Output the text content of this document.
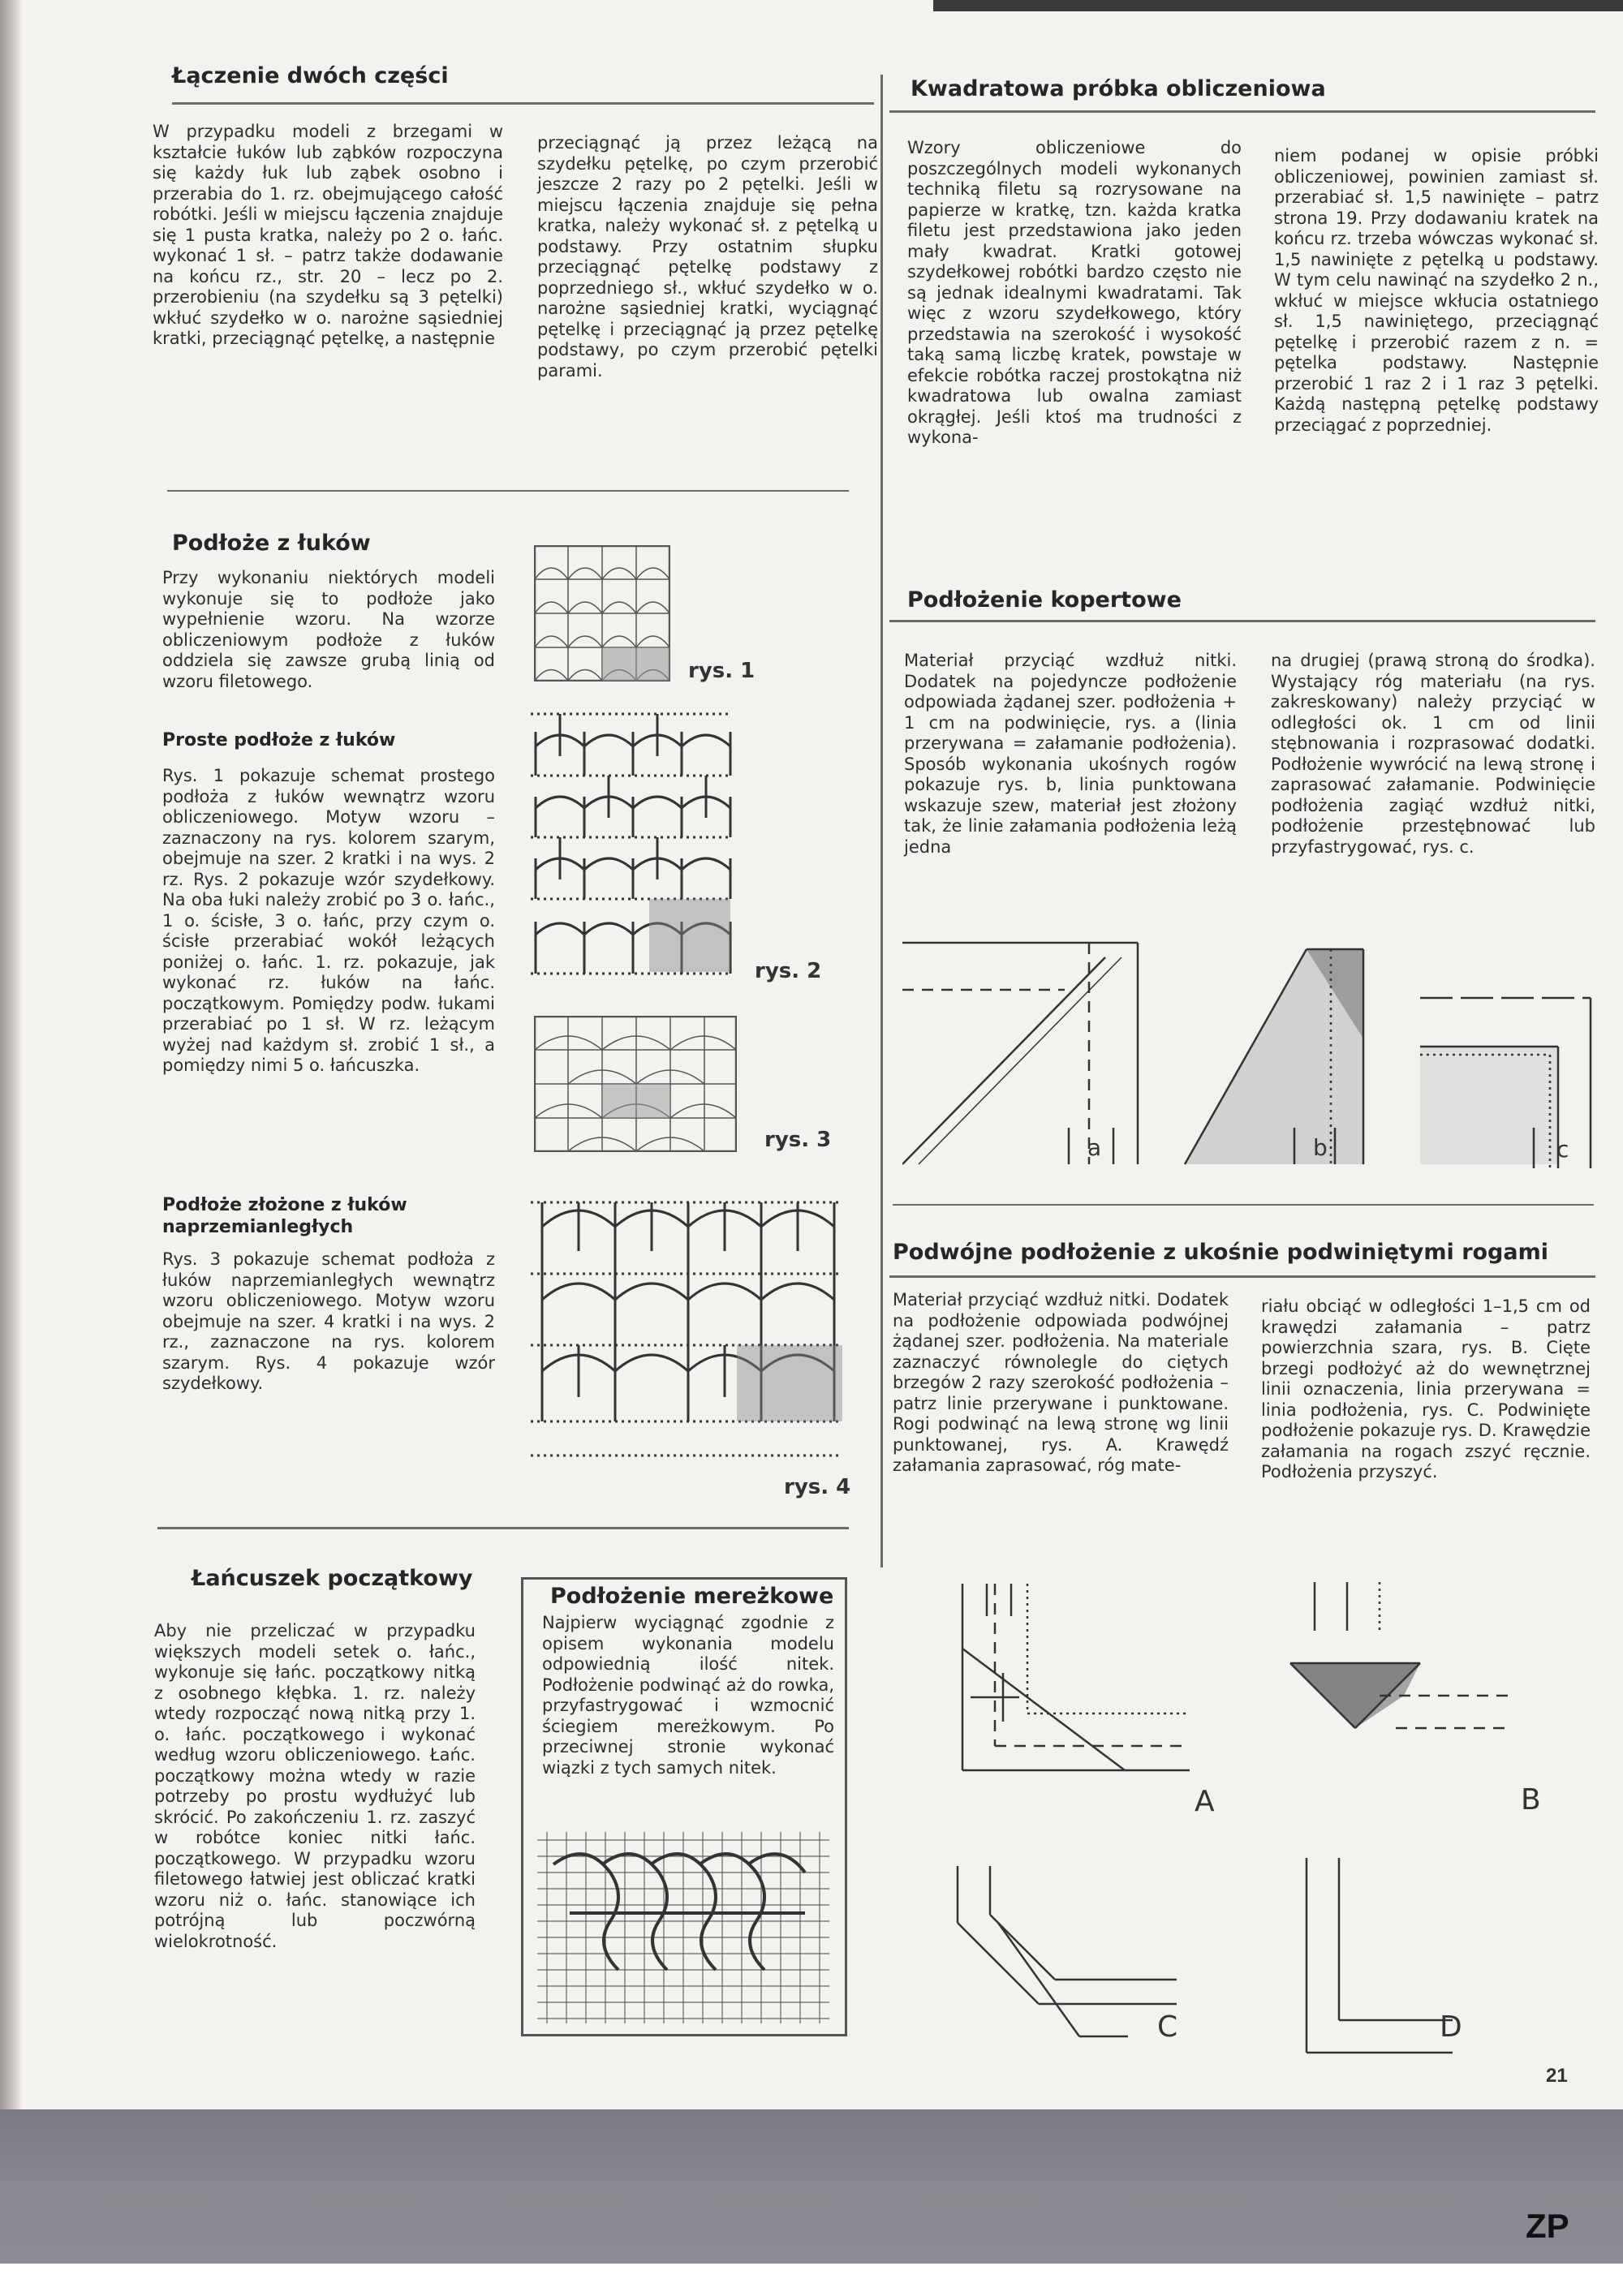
Łączenie dwóch części
W przypadku modeli z brzegami w kształcie łuków lub ząbków rozpoczyna się każdy łuk lub ząbek osobno i przerabia do 1. rz. obejmującego całość robótki. Jeśli w miejscu łączenia znajduje się 1 pusta kratka, należy po 2 o. łańc. wykonać 1 sł. – patrz także dodawanie na końcu rz., str. 20 – lecz po 2. przerobieniu (na szydełku są 3 pętelki) wkłuć szydełko w o. narożne sąsiedniej kratki, przeciągnąć pętelkę, a następnie
przeciągnąć ją przez leżącą na szydełku pętelkę, po czym przerobić jeszcze 2 razy po 2 pętelki. Jeśli w miejscu łączenia znajduje się pełna kratka, należy wykonać sł. z pętelką u podstawy. Przy ostatnim słupku przeciągnąć pętelkę podstawy z poprzedniego sł., wkłuć szydełko w o. narożne sąsiedniej kratki, wyciągnąć pętelkę i przeciągnąć ją przez pętelkę podstawy, po czym przerobić pętelki parami.
Podłoże z łuków
Przy wykonaniu niektórych modeli wykonuje się to podłoże jako wypełnienie wzoru. Na wzorze obliczeniowym podłoże z łuków oddziela się zawsze grubą linią od wzoru filetowego.
Proste podłoże z łuków
Rys. 1 pokazuje schemat prostego podłoża z łuków wewnątrz wzoru obliczeniowego. Motyw wzoru – zaznaczony na rys. kolorem szarym, obejmuje na szer. 2 kratki i na wys. 2 rz. Rys. 2 pokazuje wzór szydełkowy. Na oba łuki należy zrobić po 3 o. łańc., 1 o. ścisłe, 3 o. łańc, przy czym o. ścisłe przerabiać wokół leżących poniżej o. łańc. 1. rz. pokazuje, jak wykonać rz. łuków na łańc. początkowym. Pomiędzy podw. łukami przerabiać po 1 sł. W rz. leżącym wyżej nad każdym sł. zrobić 1 sł., a pomiędzy nimi 5 o. łańcuszka.
Podłoże złożone z łuków naprzemianległych
Rys. 3 pokazuje schemat podłoża z łuków naprzemianległych wewnątrz wzoru obliczeniowego. Motyw wzoru obejmuje na szer. 4 kratki i na wys. 2 rz., zaznaczone na rys. kolorem szarym. Rys. 4 pokazuje wzór szydełkowy.
rys. 1
rys. 2
rys. 3
rys. 4
Łańcuszek początkowy
Aby nie przeliczać w przypadku większych modeli setek o. łańc., wykonuje się łańc. początkowy nitką z osobnego kłębka. 1. rz. należy wtedy rozpocząć nową nitką przy 1. o. łańc. początkowego i wykonać według wzoru obliczeniowego. Łańc. początkowy można wtedy w razie potrzeby po prostu wydłużyć lub skrócić. Po zakończeniu 1. rz. zaszyć w robótce koniec nitki łańc. początkowego. W przypadku wzoru filetowego łatwiej jest obliczać kratki wzoru niż o. łańc. stanowiące ich potrójną lub poczwórną wielokrotność.
Podłożenie mereżkowe
Najpierw wyciągnąć zgodnie z opisem wykonania modelu odpowiednią ilość nitek. Podłożenie podwinąć aż do rowka, przyfastrygować i wzmocnić ściegiem mereżkowym. Po przeciwnej stronie wykonać wiązki z tych samych nitek.
Kwadratowa próbka obliczeniowa
Wzory obliczeniowe do poszczególnych modeli wykonanych techniką filetu są rozrysowane na papierze w kratkę, tzn. każda kratka filetu jest przedstawiona jako jeden mały kwadrat. Kratki gotowej szydełkowej robótki bardzo często nie są jednak idealnymi kwadratami. Tak więc z wzoru szydełkowego, który przedstawia na szerokość i wysokość taką samą liczbę kratek, powstaje w efekcie robótka raczej prostokątna niż kwadratowa lub owalna zamiast okrągłej. Jeśli ktoś ma trudności z wykona-
niem podanej w opisie próbki obliczeniowej, powinien zamiast sł. przerabiać sł. 1,5 nawinięte – patrz strona 19. Przy dodawaniu kratek na końcu rz. trzeba wówczas wykonać sł. 1,5 nawinięte z pętelką u podstawy. W tym celu nawinąć na szydełko 2 n., wkłuć w miejsce wkłucia ostatniego sł. 1,5 nawiniętego, przeciągnąć pętelkę i przerobić razem z n. = pętelka podstawy. Następnie przerobić 1 raz 2 i 1 raz 3 pętelki. Każdą następną pętelkę podstawy przeciągać z poprzedniej.
Podłożenie kopertowe
Materiał przyciąć wzdłuż nitki. Dodatek na pojedyncze podłożenie odpowiada żądanej szer. podłożenia + 1 cm na podwinięcie, rys. a (linia przerywana = załamanie podłożenia). Sposób wykonania ukośnych rogów pokazuje rys. b, linia punktowana wskazuje szew, materiał jest złożony tak, że linie załamania podłożenia leżą jedna
na drugiej (prawą stroną do środka). Wystający róg materiału (na rys. zakreskowany) należy przyciąć w odległości ok. 1 cm od linii stębnowania i rozprasować dodatki. Podłożenie wywrócić na lewą stronę i zaprasować załamanie. Podwinięcie podłożenia zagiąć wzdłuż nitki, podłożenie przestębnować lub przyfastrygować, rys. c.
a	b	c
Podwójne podłożenie z ukośnie podwiniętymi rogami
Materiał przyciąć wzdłuż nitki. Dodatek na podłożenie odpowiada podwójnej żądanej szer. podłożenia. Na materiale zaznaczyć równolegle do ciętych brzegów 2 razy szerokość podłożenia – patrz linie przerywane i punktowane. Rogi podwinąć na lewą stronę wg linii punktowanej, rys. A. Krawędź załamania zaprasować, róg mate-
riału obciąć w odległości 1–1,5 cm od krawędzi załamania – patrz powierzchnia szara, rys. B. Cięte brzegi podłożyć aż do wewnętrznej linii oznaczenia, linia przerywana = linia podłożenia, rys. C. Podwinięte podłożenie pokazuje rys. D. Krawędzie załamania na rogach zszyć ręcznie. Podłożenia przyszyć.
A	B
C	D
21
ZP
